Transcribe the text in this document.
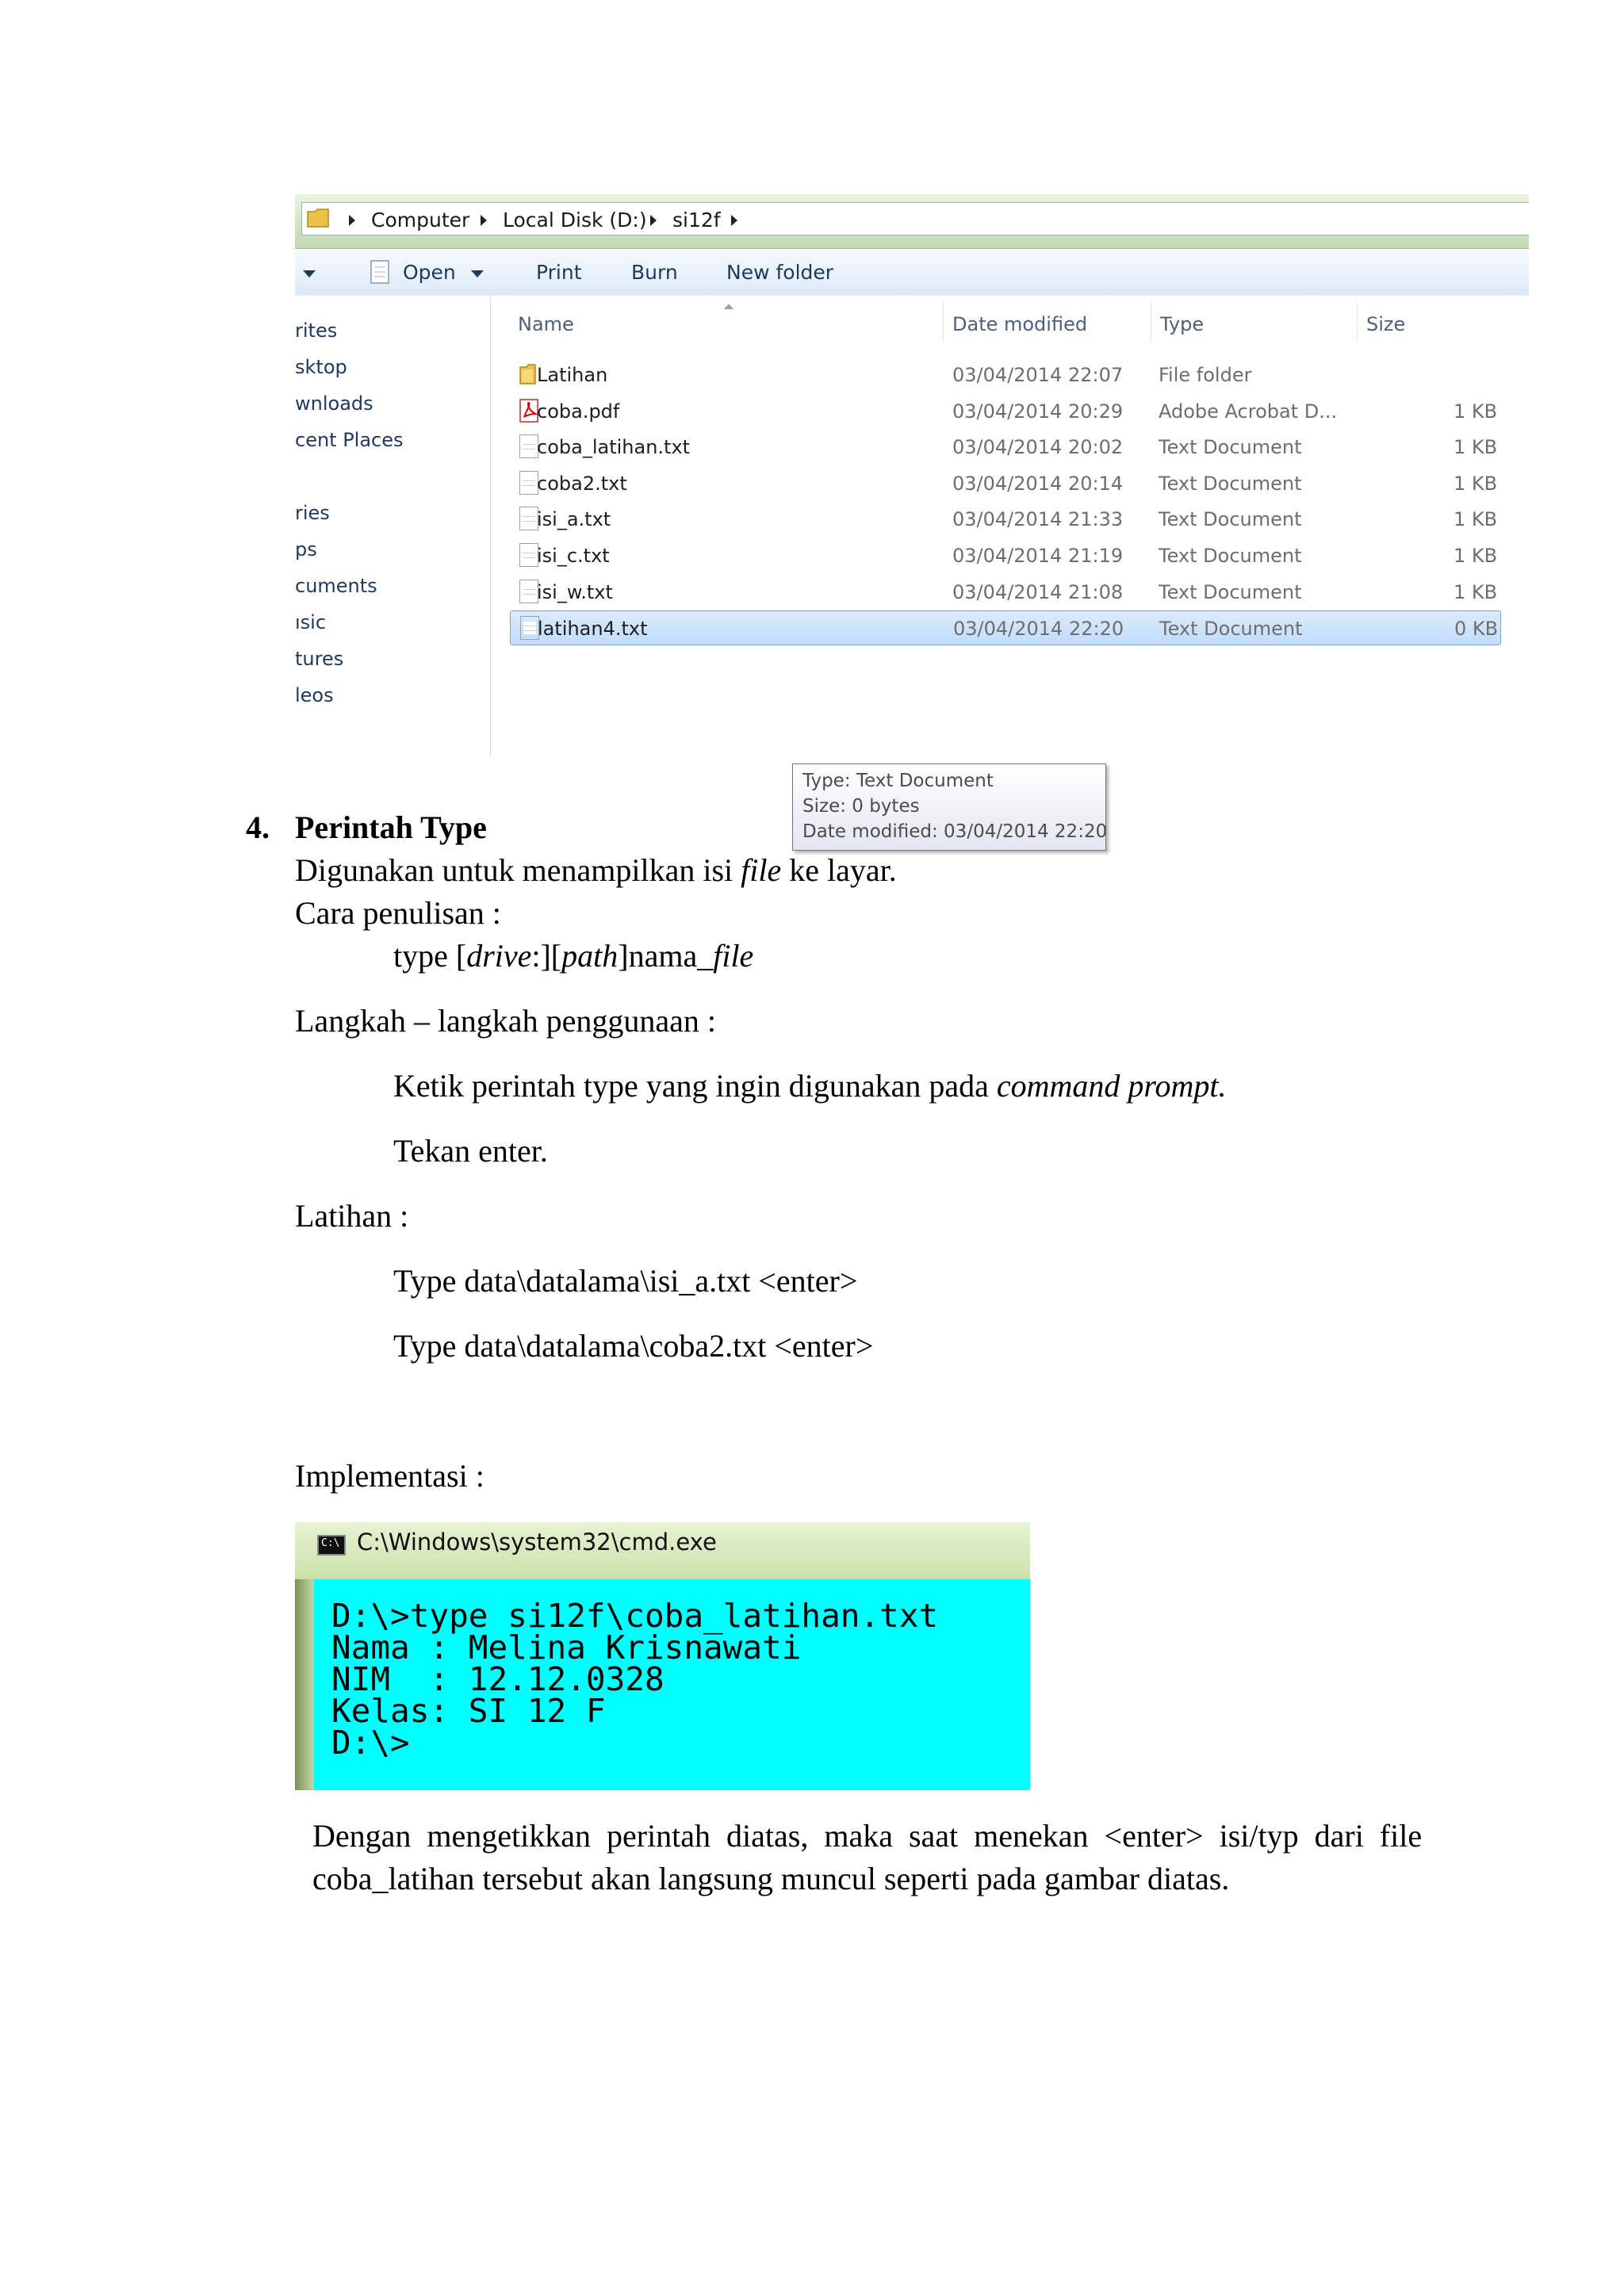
Computer Local Disk (D:) si12f
Open	Print Burn New folder
rites
sktop
wnloads
cent Places
ries
ps
cuments
ısic
tures
leos
Name	Date modified	Type	Size
Latihan	03/04/2014 22:07 File folder
coba.pdf	03/04/2014 20:29 Adobe Acrobat D...	1 KB
coba_latihan.txt	03/04/2014 20:02 Text Document	1 KB
coba2.txt	03/04/2014 20:14 Text Document	1 KB
isi_a.txt	03/04/2014 21:33 Text Document	1 KB
isi_c.txt	03/04/2014 21:19 Text Document	1 KB
isi_w.txt	03/04/2014 21:08 Text Document	1 KB
latihan4.txt	03/04/2014 22:20 Text Document	0 KB
Type: Text Document
Size: 0 bytes
Date modified: 03/04/2014 22:20
4. Perintah Type
Digunakan untuk menampilkan isi file ke layar.
Cara penulisan :
type [drive:][path]nama_file
Langkah – langkah penggunaan :
Ketik perintah type yang ingin digunakan pada command prompt.
Tekan enter.
Latihan :
Type data\datalama\isi_a.txt <enter>
Type data\datalama\coba2.txt <enter>
Implementasi :
C:\ C:\Windows\system32\cmd.exe
D:\>type si12f\coba_latihan.txt
Nama : Melina Krisnawati
NIM  : 12.12.0328
Kelas: SI 12 F
D:\>
Dengan  mengetikkan  perintah  diatas,  maka  saat  menekan  <enter>  isi/typ  dari  file
coba_latihan tersebut akan langsung muncul seperti pada gambar diatas.
